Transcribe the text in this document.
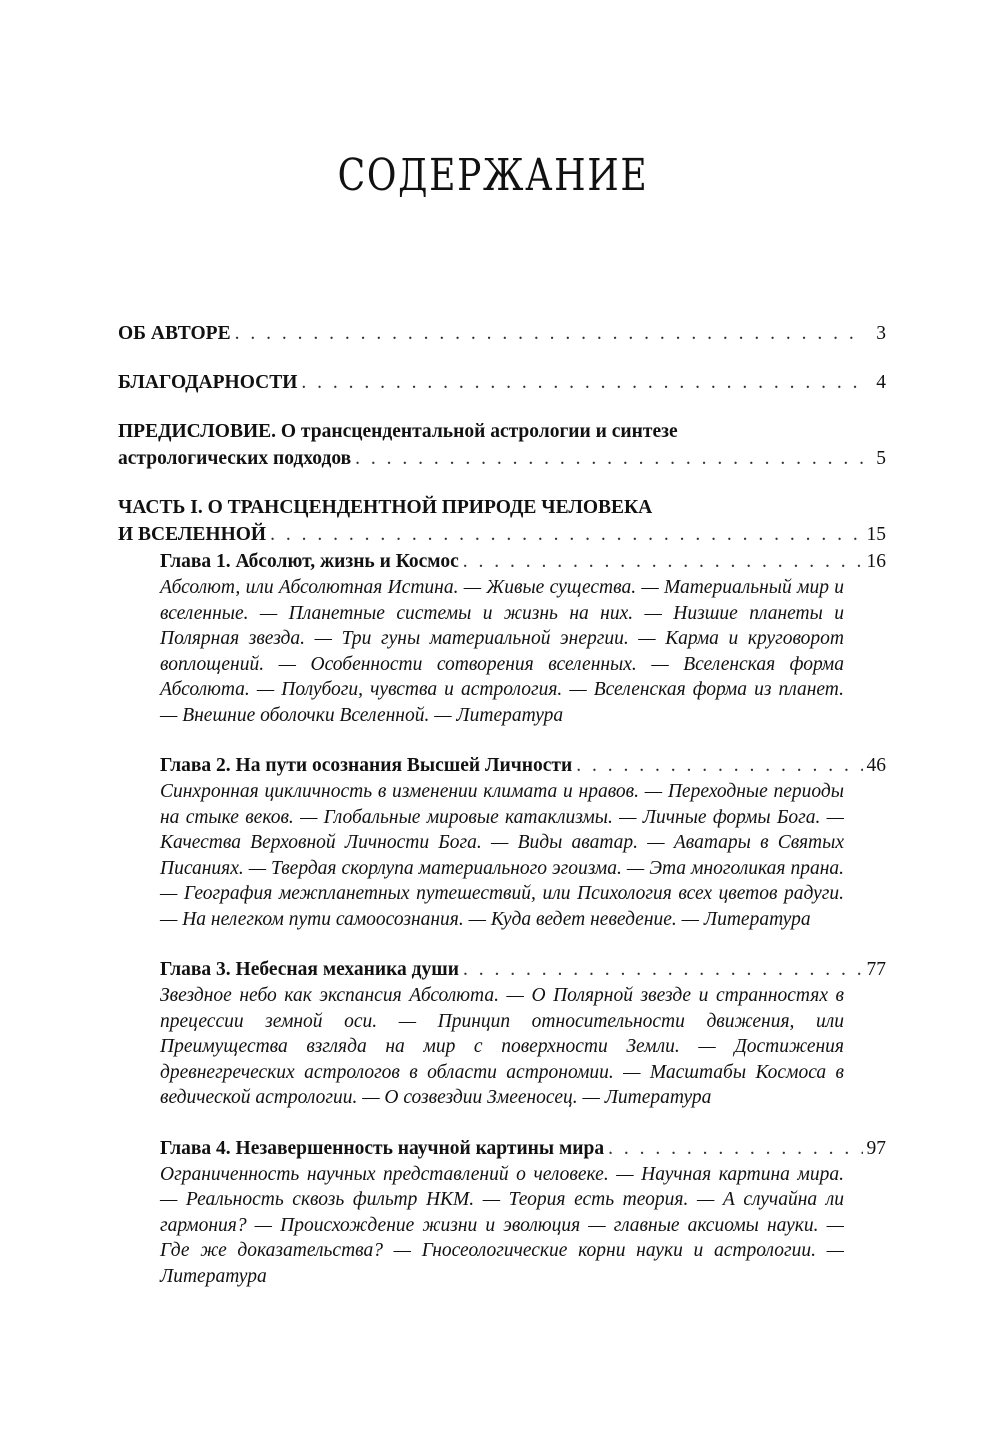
СОДЕРЖАНИЕ
ОБ АВТОРЕ . . .	3
БЛАГОДАРНОСТИ . . .	4
ПРЕДИСЛОВИЕ. О трансцендентальной астрологии и синтезе
астрологических подходов . . .	5
ЧАСТЬ I. О ТРАНСЦЕНДЕНТНОЙ ПРИРОДЕ ЧЕЛОВЕКА
И ВСЕЛЕННОЙ . . .	15
Глава 1. Абсолют, жизнь и Космос . . .	16
Абсолют, или Абсолютная Истина. — Живые существа. — Материальный мир и вселенные. — Планетные системы и жизнь на них. — Низшие планеты и Полярная звезда. — Три гуны материальной энергии. — Карма и круговорот воплощений. — Особенности сотворения вселенных. — Вселенская форма Абсолюта. — Полубоги, чувства и астрология. — Вселенская форма из планет. — Внешние оболочки Вселенной. — Литература
Глава 2. На пути осознания Высшей Личности . . .	46
Синхронная цикличность в изменении климата и нравов. — Переходные периоды на стыке веков. — Глобальные мировые катаклизмы. — Личные формы Бога. — Качества Верховной Личности Бога. — Виды аватар. — Аватары в Святых Писаниях. — Твердая скорлупа материального эгоизма. — Эта многоликая прана. — География межпланетных путешествий, или Психология всех цветов радуги. — На нелегком пути самоосознания. — Куда ведет неведение. — Литература
Глава 3. Небесная механика души . . .	77
Звездное небо как экспансия Абсолюта. — О Полярной звезде и странностях в прецессии земной оси. — Принцип относительности движения, или Преимущества взгляда на мир с поверхности Земли. — Достижения древнегреческих астрологов в области астрономии. — Масштабы Космоса в ведической астрологии. — О созвездии Змееносец. — Литература
Глава 4. Незавершенность научной картины мира . . .	97
Ограниченность научных представлений о человеке. — Научная картина мира. — Реальность сквозь фильтр НКМ. — Теория есть теория. — А случайна ли гармония? — Происхождение жизни и эволюция — главные аксиомы науки. — Где же доказательства? — Гносеологические корни науки и астрологии. — Литература
